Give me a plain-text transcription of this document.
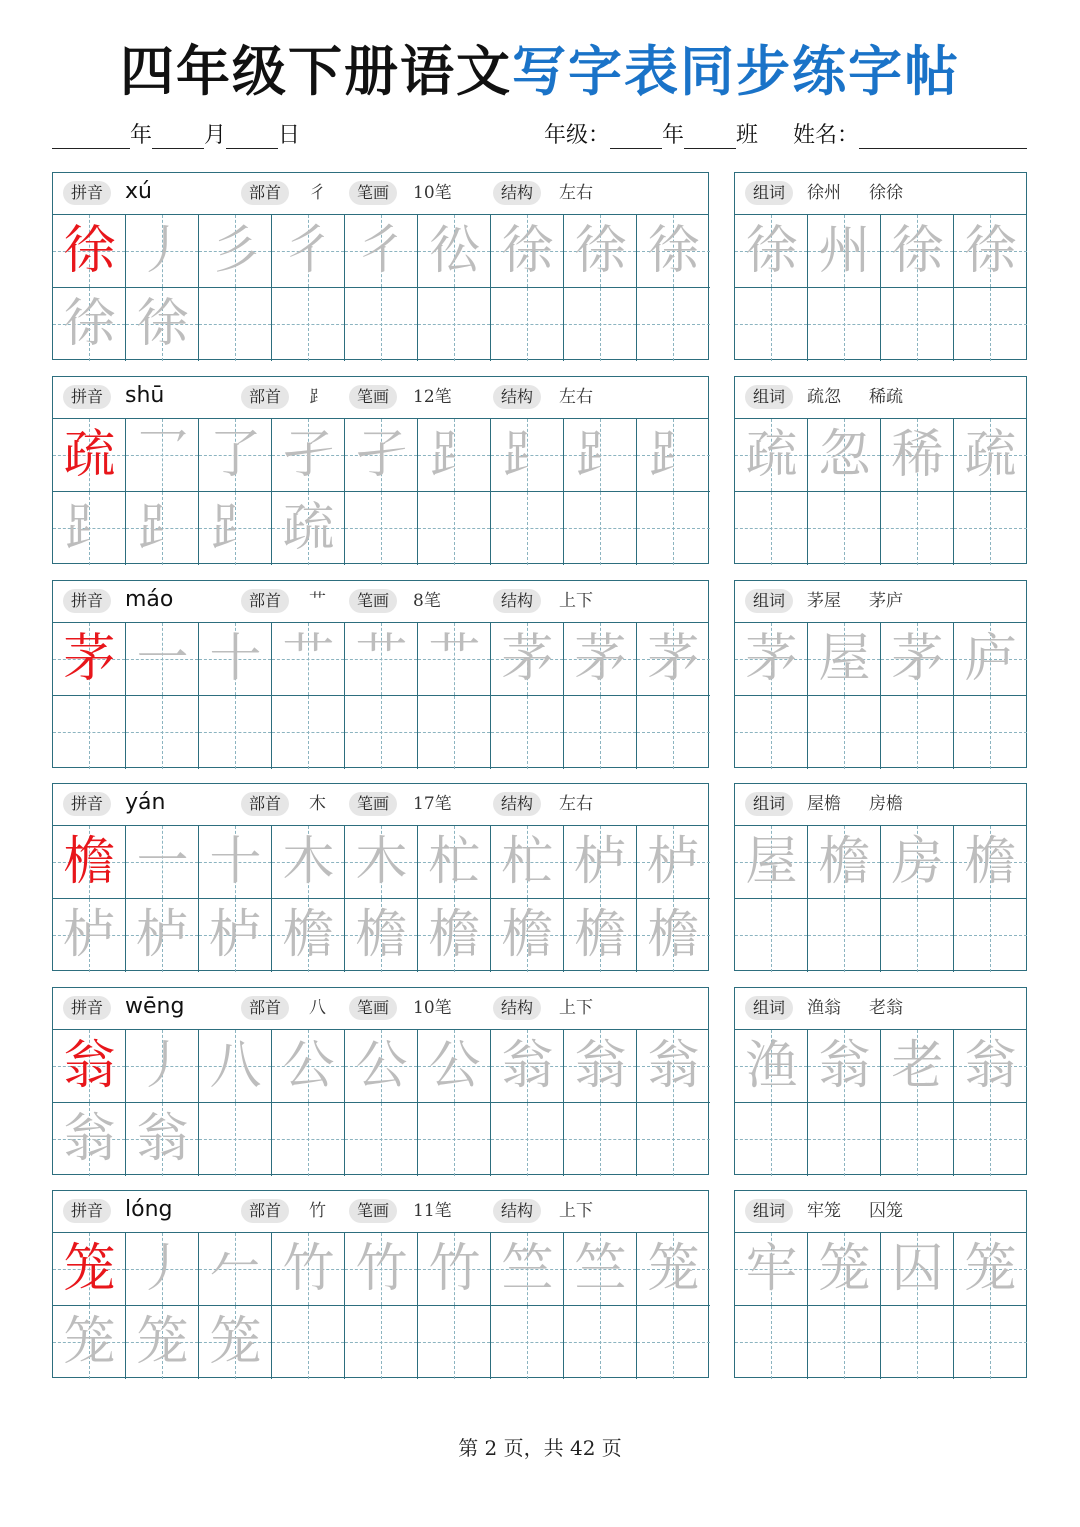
四年级下册语文写字表同步练字帖
年 月 日	年级： 年 班 姓名：
拼音 xú	部首	彳	笔画	10笔	结构	左右
徐 丿 彡 彳 彳 彸 徐 徐 徐
徐 徐
组词	徐州 徐徐
徐 州 徐 徐
拼音 shū	部首	⻊	笔画	12笔	结构	左右
疏 乛 了 孑 孑 ⻊ ⻊ ⻊ ⻊
⻊ ⻊ ⻊ 疏
组词	疏忽 稀疏
疏 忽 稀 疏
拼音 máo	部首	艹	笔画	8笔	结构	上下
茅 一 十 艹 艹 艹 茅 茅 茅
组词	茅屋 茅庐
茅 屋 茅 庐
拼音 yán	部首	木	笔画	17笔	结构	左右
檐 一 十 木 木 杧 杧 栌 栌
栌 栌 栌 檐 檐 檐 檐 檐 檐
组词	屋檐 房檐
屋 檐 房 檐
拼音 wēng	部首	八	笔画	10笔	结构	上下
翁 丿 八 公 公 公 翁 翁 翁
翁 翁
组词	渔翁 老翁
渔 翁 老 翁
拼音 lóng	部首	竹	笔画	11笔	结构	上下
笼 丿 𠂉 竹 竹 竹 竺 竺 笼
笼 笼 笼
组词	牢笼 囚笼
牢 笼 囚 笼
第 2 页，共 42 页
